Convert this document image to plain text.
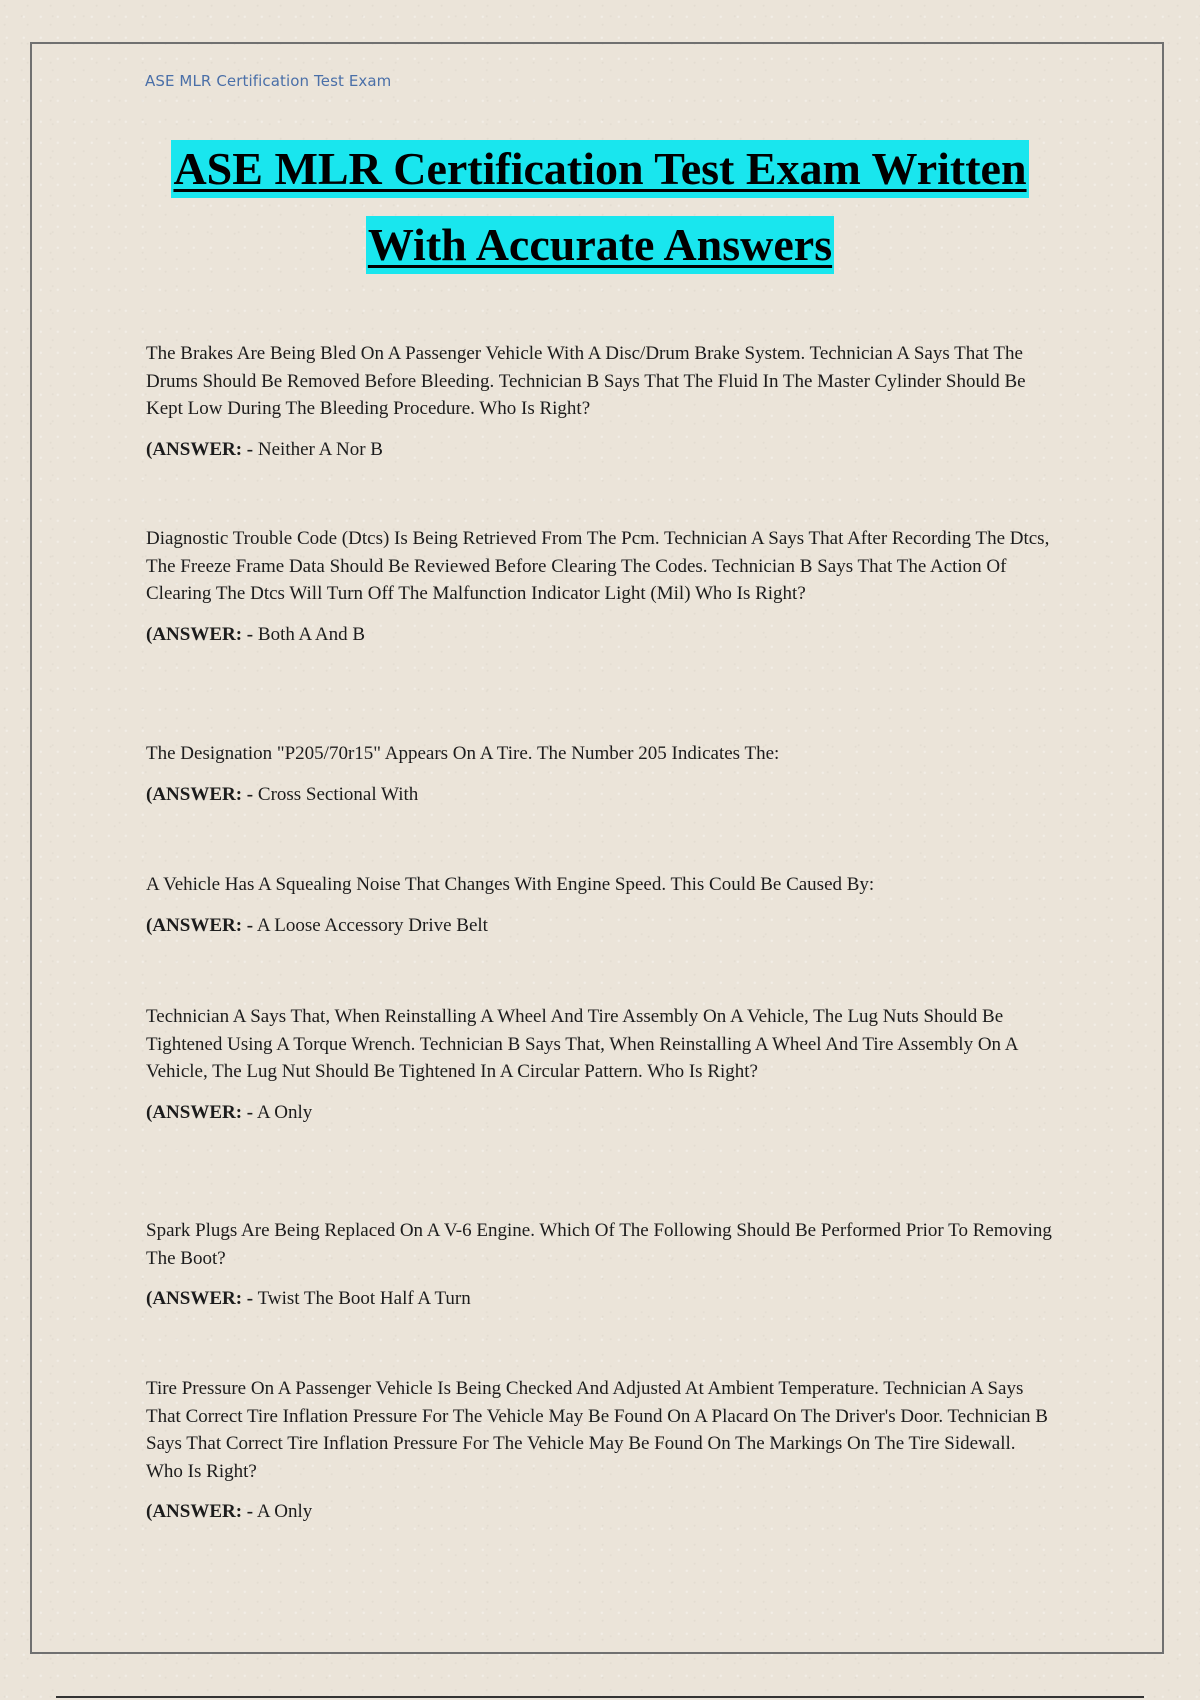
ASE MLR Certification Test Exam
ASE MLR Certification Test Exam Written
With Accurate Answers

The Brakes Are Being Bled On A Passenger Vehicle With A Disc/Drum Brake System. Technician A Says That The Drums Should Be Removed Before Bleeding. Technician B Says That The Fluid In The Master Cylinder Should Be Kept Low During The Bleeding Procedure. Who Is Right?

(ANSWER: - Neither A Nor B

Diagnostic Trouble Code (Dtcs) Is Being Retrieved From The Pcm. Technician A Says That After Recording The Dtcs, The Freeze Frame Data Should Be Reviewed Before Clearing The Codes. Technician B Says That The Action Of Clearing The Dtcs Will Turn Off The Malfunction Indicator Light (Mil) Who Is Right?

(ANSWER: - Both A And B

The Designation "P205/70r15" Appears On A Tire. The Number 205 Indicates The:

(ANSWER: - Cross Sectional With

A Vehicle Has A Squealing Noise That Changes With Engine Speed. This Could Be Caused By:

(ANSWER: - A Loose Accessory Drive Belt

Technician A Says That, When Reinstalling A Wheel And Tire Assembly On A Vehicle, The Lug Nuts Should Be Tightened Using A Torque Wrench. Technician B Says That, When Reinstalling A Wheel And Tire Assembly On A Vehicle, The Lug Nut Should Be Tightened In A Circular Pattern. Who Is Right?

(ANSWER: - A Only

Spark Plugs Are Being Replaced On A V-6 Engine. Which Of The Following Should Be Performed Prior To Removing The Boot?

(ANSWER: - Twist The Boot Half A Turn

Tire Pressure On A Passenger Vehicle Is Being Checked And Adjusted At Ambient Temperature. Technician A Says That Correct Tire Inflation Pressure For The Vehicle May Be Found On A Placard On The Driver's Door. Technician B Says That Correct Tire Inflation Pressure For The Vehicle May Be Found On The Markings On The Tire Sidewall. Who Is Right?

(ANSWER: - A Only
